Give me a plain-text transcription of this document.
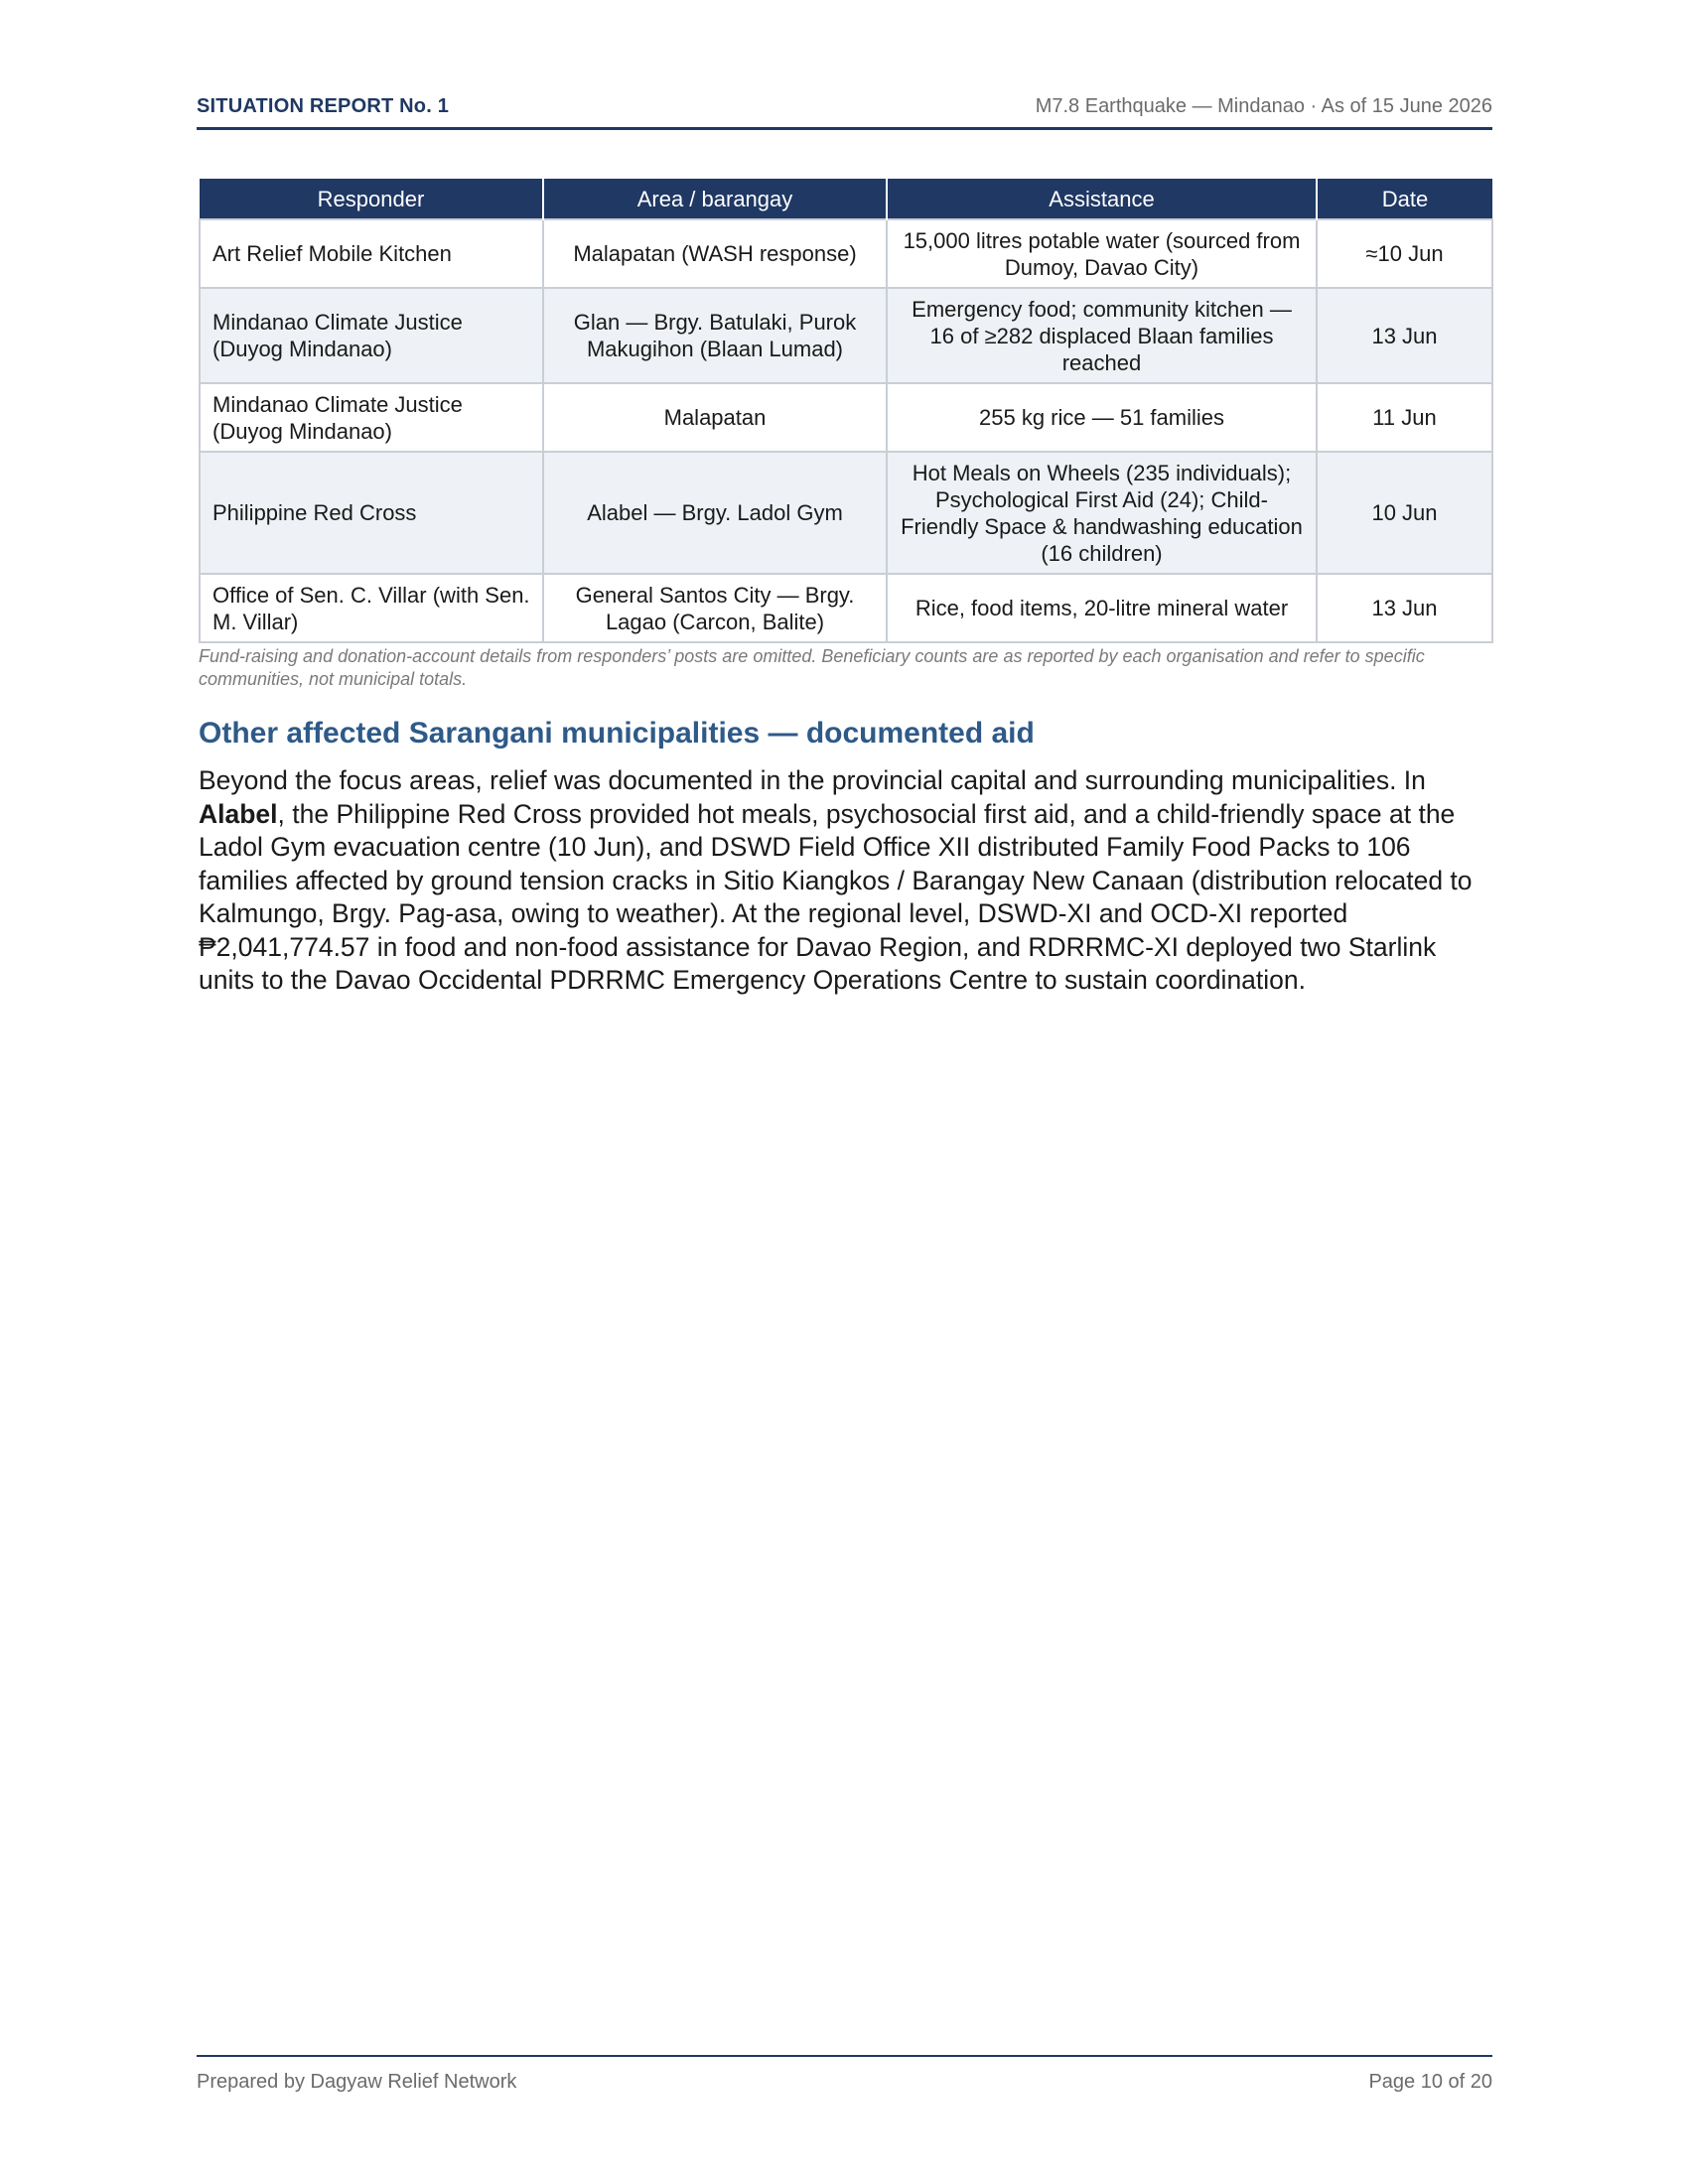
SITUATION REPORT No. 1	M7.8 Earthquake — Mindanao · As of 15 June 2026
Responder	Area / barangay	Assistance	Date
Art Relief Mobile Kitchen	Malapatan (WASH response)	15,000 litres potable water (sourced from Dumoy, Davao City)	≈10 Jun
Mindanao Climate Justice (Duyog Mindanao)	Glan — Brgy. Batulaki, Purok Makugihon (Blaan Lumad)	Emergency food; community kitchen — 16 of ≥282 displaced Blaan families reached	13 Jun
Mindanao Climate Justice (Duyog Mindanao)	Malapatan	255 kg rice — 51 families	11 Jun
Philippine Red Cross	Alabel — Brgy. Ladol Gym	Hot Meals on Wheels (235 individuals); Psychological First Aid (24); Child-Friendly Space & handwashing education (16 children)	10 Jun
Office of Sen. C. Villar (with Sen. M. Villar)	General Santos City — Brgy. Lagao (Carcon, Balite)	Rice, food items, 20-litre mineral water	13 Jun
Fund-raising and donation-account details from responders’ posts are omitted. Beneficiary counts are as reported by each organisation and refer to specific communities, not municipal totals.
Other affected Sarangani municipalities — documented aid

Beyond the focus areas, relief was documented in the provincial capital and surrounding municipalities. In Alabel, the Philippine Red Cross provided hot meals, psychosocial first aid, and a child-friendly space at the Ladol Gym evacuation centre (10 Jun), and DSWD Field Office XII distributed Family Food Packs to 106 families affected by ground tension cracks in Sitio Kiangkos / Barangay New Canaan (distribution relocated to Kalmungo, Brgy. Pag-asa, owing to weather). At the regional level, DSWD-XI and OCD-XI reported ₱2,041,774.57 in food and non-food assistance for Davao Region, and RDRRMC-XI deployed two Starlink units to the Davao Occidental PDRRMC Emergency Operations Centre to sustain coordination.

Prepared by Dagyaw Relief Network	Page 10 of 20
